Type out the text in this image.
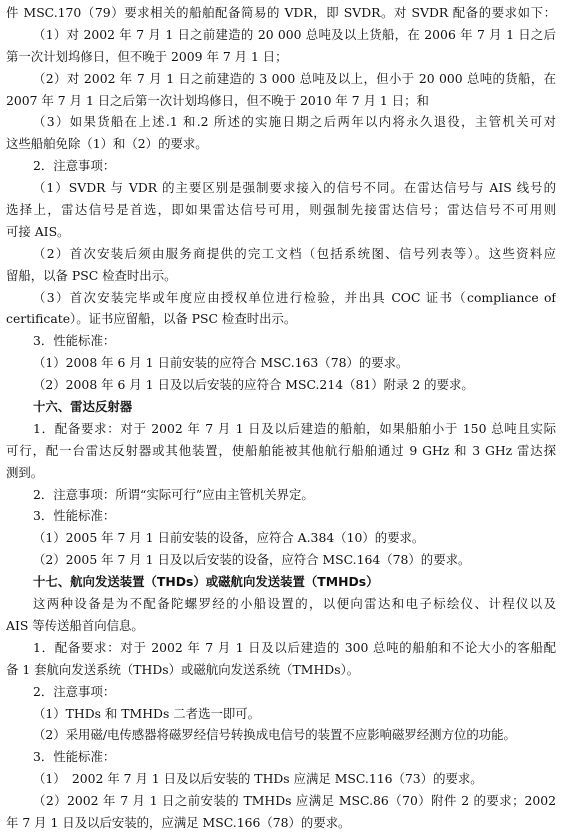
件 MSC.170（79）要求相关的船舶配备简易的 VDR，即 SVDR。对 SVDR 配备的要求如下：
（1）对 2002 年 7 月 1 日之前建造的 20 000 总吨及以上货船，在 2006 年 7 月 1 日之后
第一次计划坞修日，但不晚于 2009 年 7 月 1 日；
（2）对 2002 年 7 月 1 日之前建造的 3 000 总吨及以上，但小于 20 000 总吨的货船，在
2007 年 7 月 1 日之后第一次计划坞修日，但不晚于 2010 年 7 月 1 日；和
（3）如果货船在上述.1 和.2 所述的实施日期之后两年以内将永久退役，主管机关可对
这些船舶免除（1）和（2）的要求。
2．注意事项：
（1）SVDR 与 VDR 的主要区别是强制要求接入的信号不同。在雷达信号与 AIS 线号的
选择上，雷达信号是首选，即如果雷达信号可用，则强制先接雷达信号；雷达信号不可用则
可接 AIS。
（2）首次安装后须由服务商提供的完工文档（包括系统图、信号列表等）。这些资料应
留船，以备 PSC 检查时出示。
（3）首次安装完毕或年度应由授权单位进行检验，并出具 COC 证书（compliance of
certificate）。证书应留船，以备 PSC 检查时出示。
3．性能标准：
（1）2008 年 6 月 1 日前安装的应符合 MSC.163（78）的要求。
（2）2008 年 6 月 1 日及以后安装的应符合 MSC.214（81）附录 2 的要求。
十六、雷达反射器
1．配备要求：对于 2002 年 7 月 1 日及以后建造的船舶，如果船舶小于 150 总吨且实际
可行，配一台雷达反射器或其他装置，使船舶能被其他航行船舶通过 9 GHz 和 3 GHz 雷达探
测到。
2．注意事项：所谓“实际可行”应由主管机关界定。
3．性能标准：
（1）2005 年 7 月 1 日前安装的设备，应符合 A.384（10）的要求。
（2）2005 年 7 月 1 日及以后安装的设备，应符合 MSC.164（78）的要求。
十七、航向发送装置（THDs）或磁航向发送装置（TMHDs）
这两种设备是为不配备陀螺罗经的小船设置的，以便向雷达和电子标绘仪、计程仪以及
AIS 等传送船首向信息。
1．配备要求：对于 2002 年 7 月 1 日及以后建造的 300 总吨的船舶和不论大小的客船配
备 1 套航向发送系统（THDs）或磁航向发送系统（TMHDs）。
2．注意事项：
（1）THDs 和 TMHDs 二者选一即可。
（2）采用磁/电传感器将磁罗经信号转换成电信号的装置不应影响磁罗经测方位的功能。
3．性能标准：
（1）　2002 年 7 月 1 日及以后安装的 THDs 应满足 MSC.116（73）的要求。
（2）2002 年 7 月 1 日之前安装的 TMHDs 应满足 MSC.86（70）附件 2 的要求；2002
年 7 月 1 日及以后安装的，应满足 MSC.166（78）的要求。
